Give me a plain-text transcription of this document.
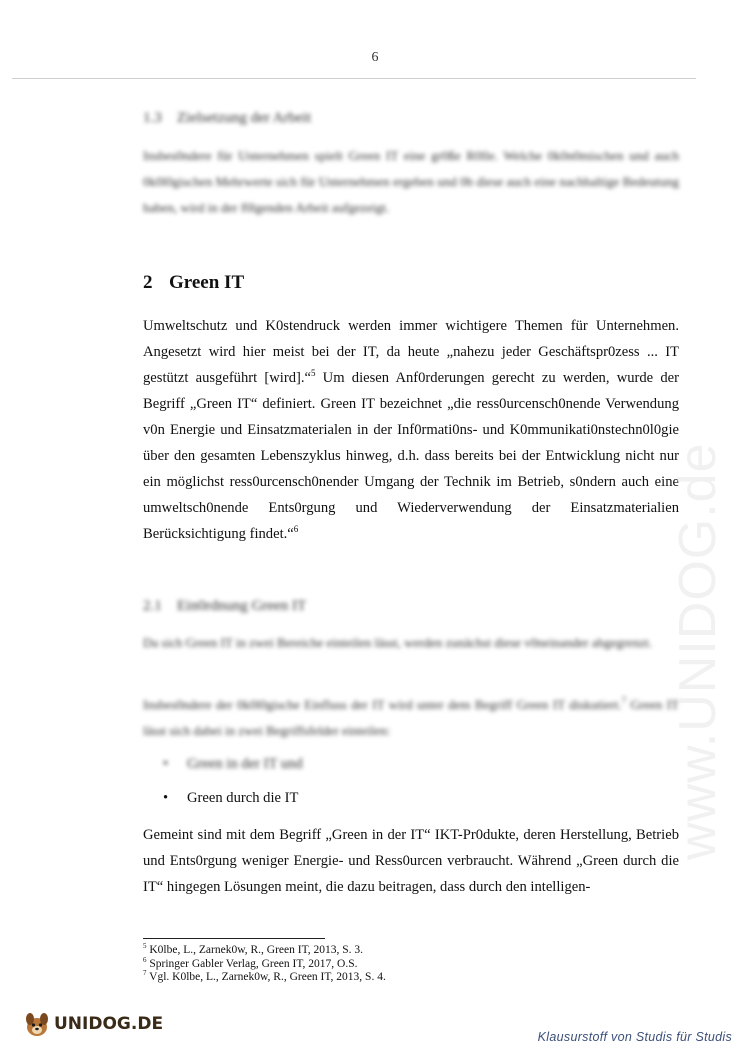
6
1.3 Zielsetzung der Arbeit
Insbes0ndere für Unternehmen spielt Green IT eine gr0ße R0lle. Welche 0k0n0mischen und auch 0k0l0gischen Mehrwerte sich für Unternehmen ergeben und 0b diese auch eine nachhaltige Bedeutung haben, wird in der f0lgenden Arbeit aufgezeigt.
2 Green IT
Umweltschutz und K0stendruck werden immer wichtigere Themen für Unternehmen. Angesetzt wird hier meist bei der IT, da heute „nahezu jeder Geschäftspr0zess ... IT gestützt ausgeführt [wird].“$^5$ Um diesen Anf0rderungen gerecht zu werden, wurde der Begriff „Green IT“ definiert. Green IT bezeichnet „die ress0urcensch0nende Verwendung v0n Energie und Einsatzmaterialen in der Inf0rmati0ns- und K0mmunikati0nstechn0l0gie über den gesamten Lebenszyklus hinweg, d.h. dass bereits bei der Entwicklung nicht nur ein möglichst ress0urcensch0nender Umgang der Technik im Betrieb, s0ndern auch eine umweltsch0nende Ents0rgung und Wiederverwendung der Einsatzmaterialien Berücksichtigung findet.“$^6$
2.1 Ein0rdnung Green IT
Da sich Green IT in zwei Bereiche einteilen lässt, werden zunächst diese v0neinander abgegrenzt.
Insbes0ndere der 0k0l0gische Einfluss der IT wird unter dem Begriff Green IT diskutiert.$^7$ Green IT lässt sich dabei in zwei Begriffsfelder einteilen:
• Green in der IT und
• Green durch die IT
Gemeint sind mit dem Begriff „Green in der IT“ IKT-Pr0dukte, deren Herstellung, Betrieb und Ents0rgung weniger Energie- und Ress0urcen verbraucht. Während „Green durch die IT“ hingegen Lösungen meint, die dazu beitragen, dass durch den intelligen-
$^5$ K0lbe, L., Zarnek0w, R., Green IT, 2013, S. 3.
$^6$ Springer Gabler Verlag, Green IT, 2017, O.S.
$^7$ Vgl. K0lbe, L., Zarnek0w, R., Green IT, 2013, S. 4.
www.UNIDOG.de
UNIDOG.DE
Klausurstoff von Studis für Studis
